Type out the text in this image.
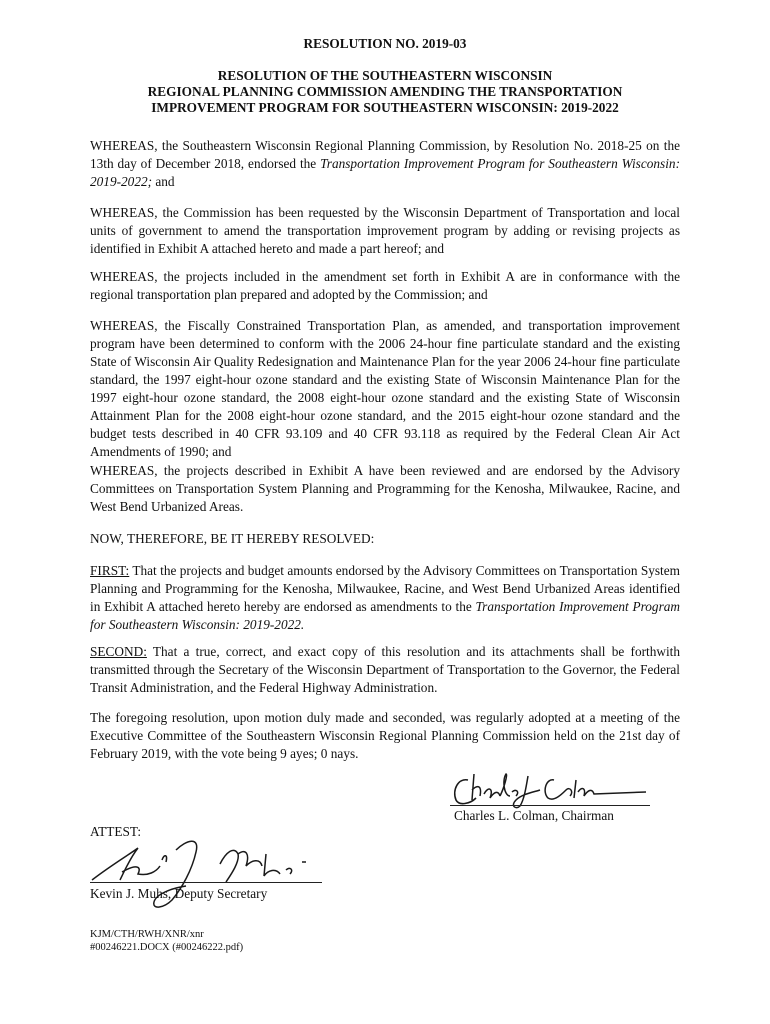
RESOLUTION NO. 2019-03
RESOLUTION OF THE SOUTHEASTERN WISCONSIN
REGIONAL PLANNING COMMISSION AMENDING THE TRANSPORTATION
IMPROVEMENT PROGRAM FOR SOUTHEASTERN WISCONSIN: 2019-2022
WHEREAS, the Southeastern Wisconsin Regional Planning Commission, by Resolution No. 2018-25 on the 13th day of December 2018, endorsed the Transportation Improvement Program for Southeastern Wisconsin: 2019-2022; and
WHEREAS, the Commission has been requested by the Wisconsin Department of Transportation and local units of government to amend the transportation improvement program by adding or revising projects as identified in Exhibit A attached hereto and made a part hereof; and
WHEREAS, the projects included in the amendment set forth in Exhibit A are in conformance with the regional transportation plan prepared and adopted by the Commission; and
WHEREAS, the Fiscally Constrained Transportation Plan, as amended, and transportation improvement program have been determined to conform with the 2006 24-hour fine particulate standard and the existing State of Wisconsin Air Quality Redesignation and Maintenance Plan for the year 2006 24-hour fine particulate standard, the 1997 eight-hour ozone standard and the existing State of Wisconsin Maintenance Plan for the 1997 eight-hour ozone standard, the 2008 eight-hour ozone standard and the existing State of Wisconsin Attainment Plan for the 2008 eight-hour ozone standard, and the 2015 eight-hour ozone standard and the budget tests described in 40 CFR 93.109 and 40 CFR 93.118 as required by the Federal Clean Air Act Amendments of 1990; and
WHEREAS, the projects described in Exhibit A have been reviewed and are endorsed by the Advisory Committees on Transportation System Planning and Programming for the Kenosha, Milwaukee, Racine, and West Bend Urbanized Areas.
NOW, THEREFORE, BE IT HEREBY RESOLVED:
FIRST: That the projects and budget amounts endorsed by the Advisory Committees on Transportation System Planning and Programming for the Kenosha, Milwaukee, Racine, and West Bend Urbanized Areas identified in Exhibit A attached hereto hereby are endorsed as amendments to the Transportation Improvement Program for Southeastern Wisconsin: 2019-2022.
SECOND: That a true, correct, and exact copy of this resolution and its attachments shall be forthwith transmitted through the Secretary of the Wisconsin Department of Transportation to the Governor, the Federal Transit Administration, and the Federal Highway Administration.
The foregoing resolution, upon motion duly made and seconded, was regularly adopted at a meeting of the Executive Committee of the Southeastern Wisconsin Regional Planning Commission held on the 21st day of February 2019, with the vote being 9 ayes; 0 nays.
Charles L. Colman, Chairman
ATTEST:
Kevin J. Muhs, Deputy Secretary
KJM/CTH/RWH/XNR/xnr
#00246221.DOCX (#00246222.pdf)
